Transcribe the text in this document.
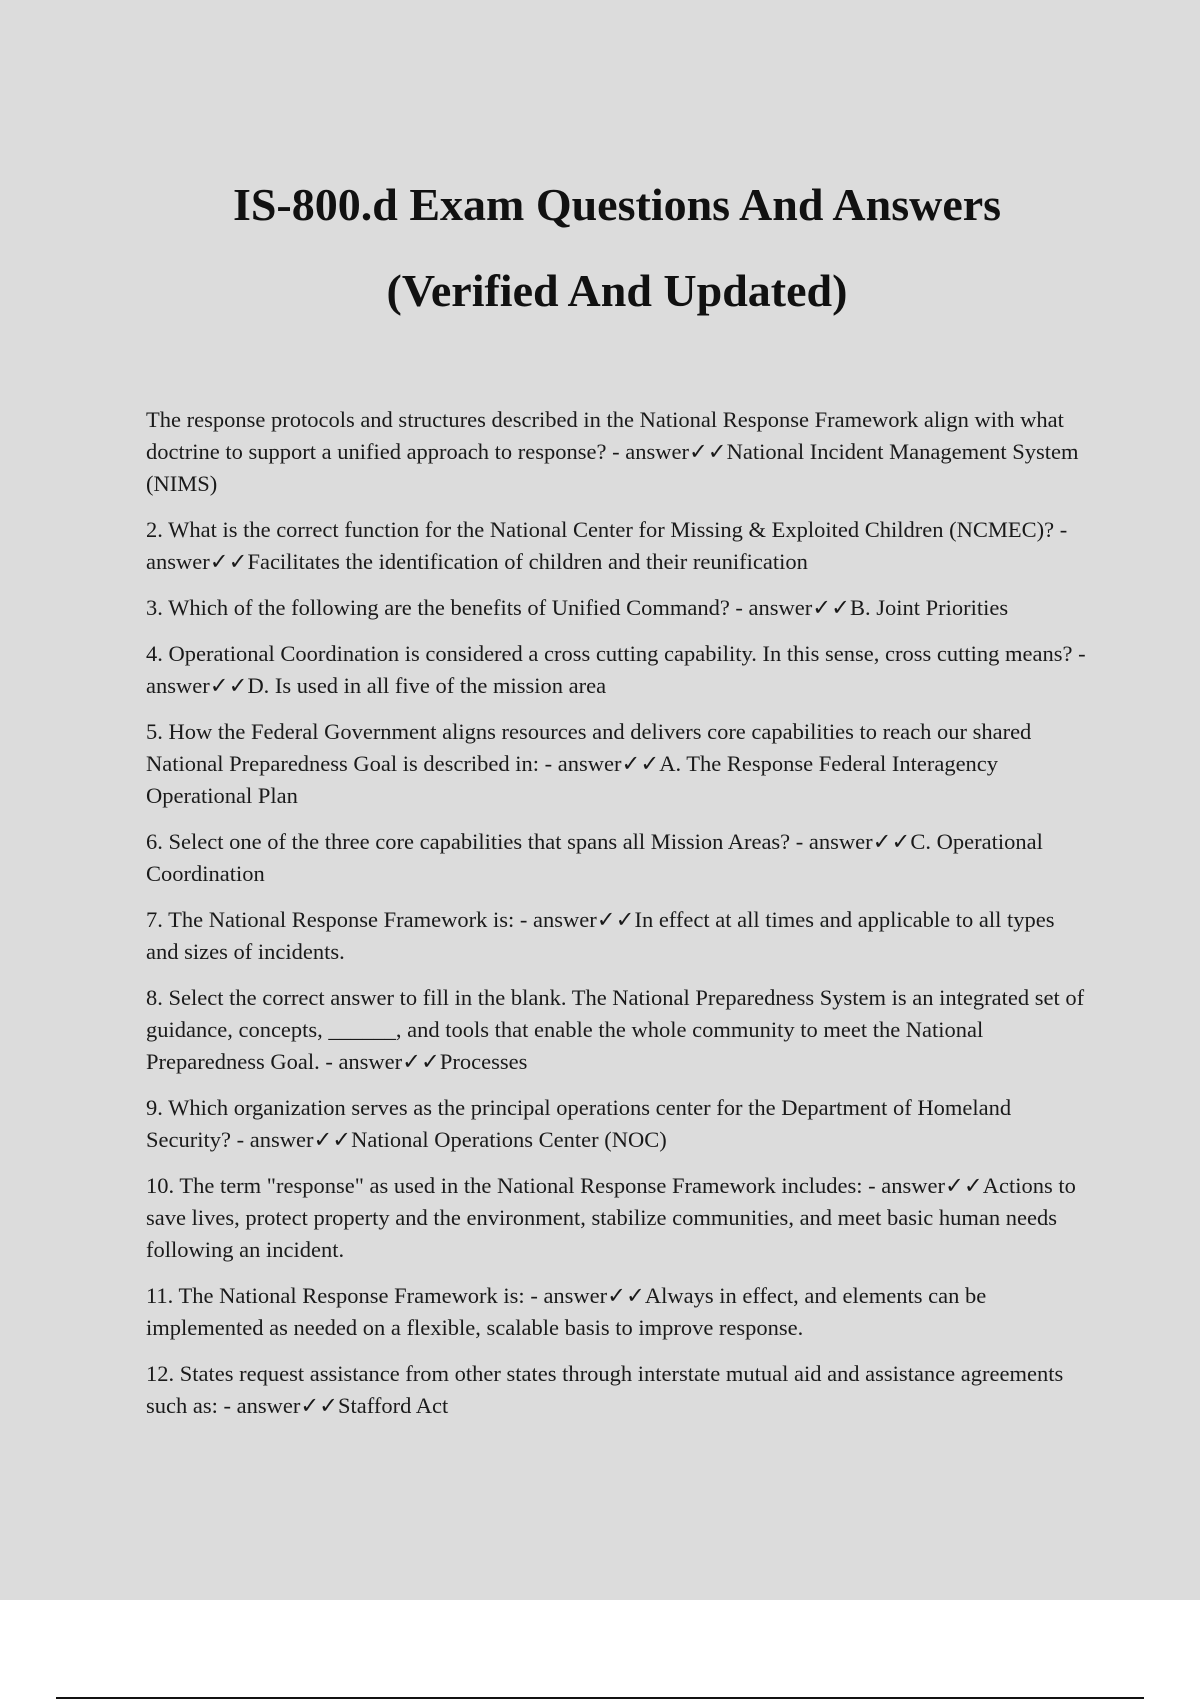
IS-800.d Exam Questions And Answers
(Verified And Updated)

The response protocols and structures described in the National Response Framework align with what doctrine to support a unified approach to response? - answer✓✓National Incident Management System (NIMS)

2. What is the correct function for the National Center for Missing & Exploited Children (NCMEC)? - answer✓✓Facilitates the identification of children and their reunification

3. Which of the following are the benefits of Unified Command? - answer✓✓B. Joint Priorities

4. Operational Coordination is considered a cross cutting capability. In this sense, cross cutting means? - answer✓✓D. Is used in all five of the mission area

5. How the Federal Government aligns resources and delivers core capabilities to reach our shared National Preparedness Goal is described in: - answer✓✓A. The Response Federal Interagency Operational Plan

6. Select one of the three core capabilities that spans all Mission Areas? - answer✓✓C. Operational Coordination

7. The National Response Framework is: - answer✓✓In effect at all times and applicable to all types and sizes of incidents.

8. Select the correct answer to fill in the blank. The National Preparedness System is an integrated set of guidance, concepts, ______, and tools that enable the whole community to meet the National Preparedness Goal. - answer✓✓Processes

9. Which organization serves as the principal operations center for the Department of Homeland Security? - answer✓✓National Operations Center (NOC)

10. The term "response" as used in the National Response Framework includes: - answer✓✓Actions to save lives, protect property and the environment, stabilize communities, and meet basic human needs following an incident.

11. The National Response Framework is: - answer✓✓Always in effect, and elements can be implemented as needed on a flexible, scalable basis to improve response.

12. States request assistance from other states through interstate mutual aid and assistance agreements such as: - answer✓✓Stafford Act
